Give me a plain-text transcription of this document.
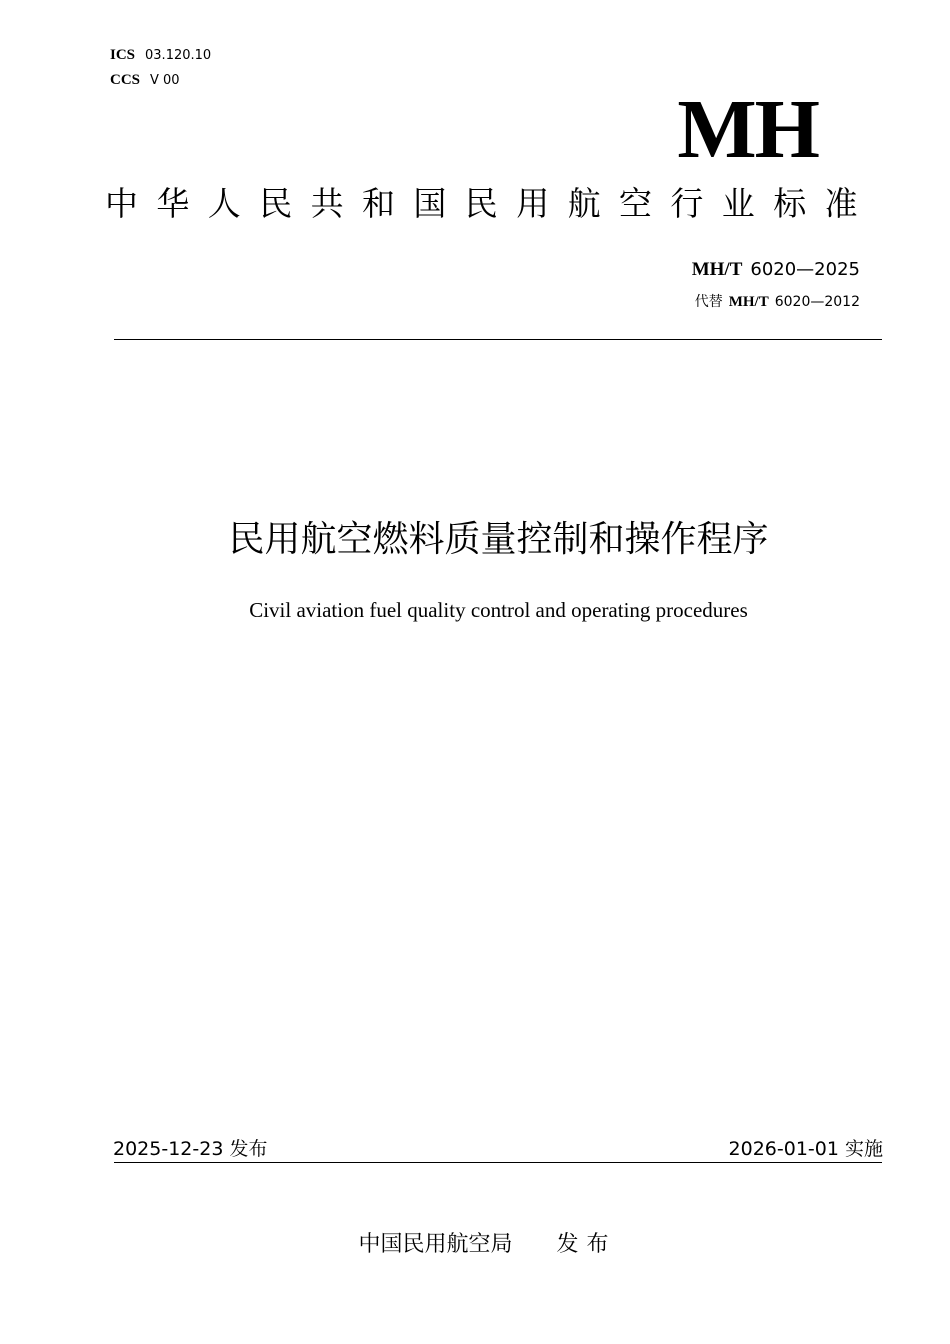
ICS 03.120.10
CCS V 00
MH
中华人民共和国民用航空行业标准
MH/T 6020—2025
代替 MH/T 6020—2012
民用航空燃料质量控制和操作程序
Civil aviation fuel quality control and operating procedures
2025-12-23 发布	2026-01-01 实施
中国民用航空局 发布
